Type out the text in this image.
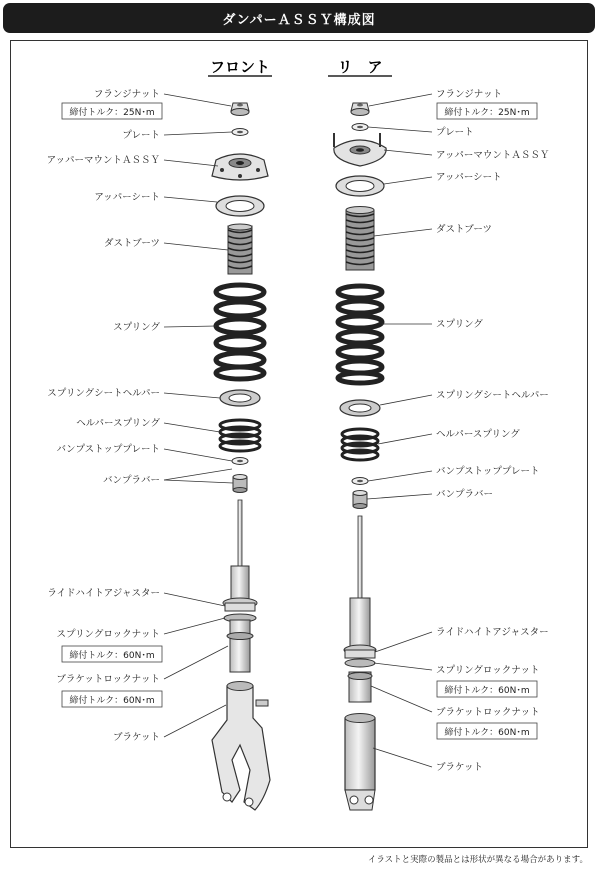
ダンパーＡＳＳＹ構成図
フロント	リ　ア
フランジナット
締付トルク：25N･m
プレート
アッパーマウントＡＳＳＹ
アッパーシート
ダストブーツ
スプリング
スプリングシートヘルパー
ヘルパースプリング
バンプストッププレート
バンプラバー
ライドハイトアジャスター
スプリングロックナット
締付トルク：60N･m
ブラケットロックナット
締付トルク：60N･m
ブラケット
フランジナット
締付トルク：25N･m
プレート
アッパーマウントＡＳＳＹ
アッパーシート
ダストブーツ
スプリング
スプリングシートヘルパー
ヘルパースプリング
バンプストッププレート
バンプラバー
ライドハイトアジャスター
スプリングロックナット
締付トルク：60N･m
ブラケットロックナット
締付トルク：60N･m
ブラケット
イラストと実際の製品とは形状が異なる場合があります。
